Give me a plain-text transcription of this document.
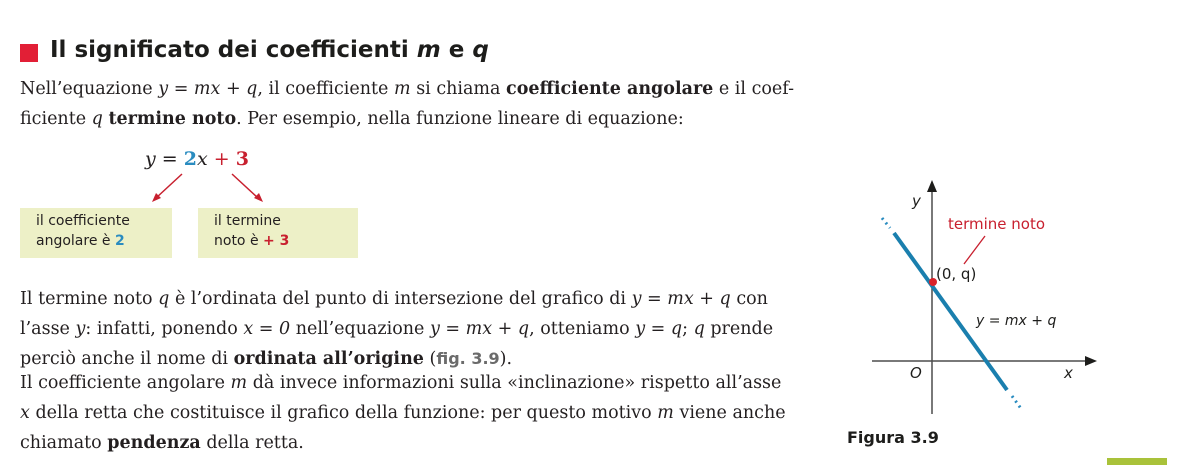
Il significato dei coefficienti m e q

Nell’equazione y = mx + q, il coefficiente m si chiama coefficiente angolare e il coef-
ficiente q termine noto. Per esempio, nella funzione lineare di equazione:

y = 2x + 3
il coefficiente
angolare è 2
il termine
noto è + 3

Il termine noto q è l’ordinata del punto di intersezione del grafico di y = mx + q con
l’asse y: infatti, ponendo x = 0 nell’equazione y = mx + q, otteniamo y = q; q prende
perciò anche il nome di ordinata all’origine (fig. 3.9).

Il coefficiente angolare m dà invece informazioni sulla «inclinazione» rispetto all’asse
x della retta che costituisce il grafico della funzione: per questo motivo m viene anche
chiamato pendenza della retta.

y
x
O
(0, q)
termine noto
y = mx + q

Figura 3.9
